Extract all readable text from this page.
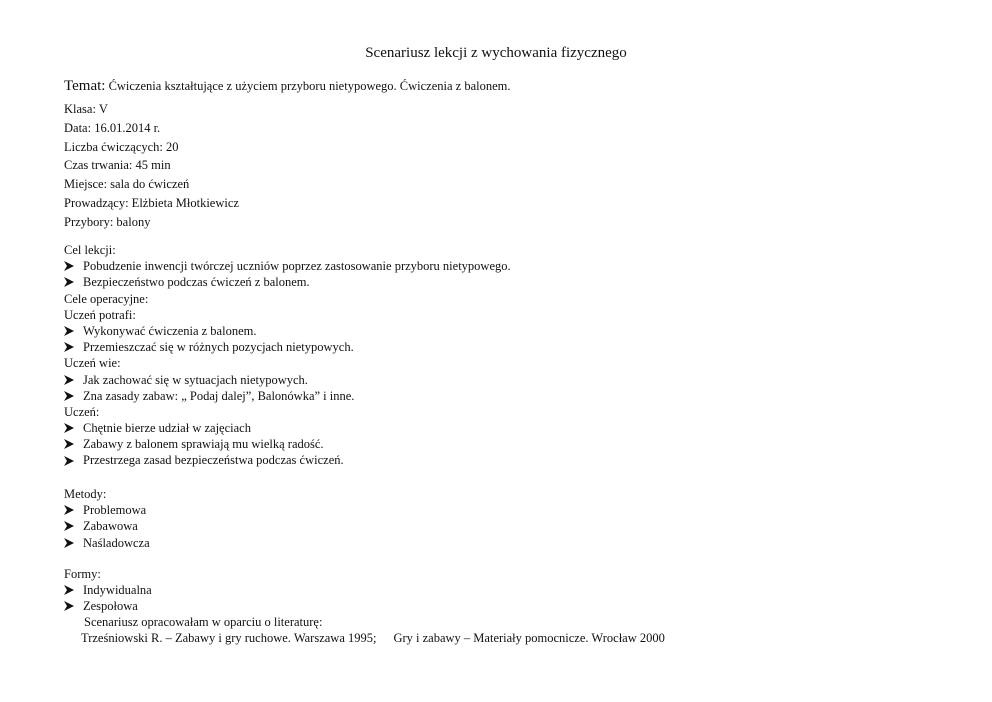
Scenariusz lekcji z wychowania fizycznego
Temat: Ćwiczenia kształtujące z użyciem przyboru nietypowego. Ćwiczenia z balonem.
Klasa: V
Data: 16.01.2014 r.
Liczba ćwiczących: 20
Czas trwania: 45 min
Miejsce: sala do ćwiczeń
Prowadzący: Elżbieta Młotkiewicz
Przybory: balony
Cel lekcji:
Pobudzenie inwencji twórczej uczniów poprzez zastosowanie przyboru nietypowego.
Bezpieczeństwo podczas ćwiczeń z balonem.
Cele operacyjne:
Uczeń potrafi:
Wykonywać ćwiczenia z balonem.
Przemieszczać się w różnych pozycjach nietypowych.
Uczeń wie:
Jak zachować się w sytuacjach nietypowych.
Zna zasady zabaw: „ Podaj dalej”, Balonówka” i inne.
Uczeń:
Chętnie bierze udział w zajęciach
Zabawy z balonem sprawiają mu wielką radość.
Przestrzega zasad bezpieczeństwa podczas ćwiczeń.
Metody:
Problemowa
Zabawowa
Naśladowcza
Formy:
Indywidualna
Zespołowa
Scenariusz opracowałam w oparciu o literaturę:
Trześniowski R. – Zabawy i gry ruchowe. Warszawa 1995; Gry i zabawy – Materiały pomocnicze. Wrocław 2000
